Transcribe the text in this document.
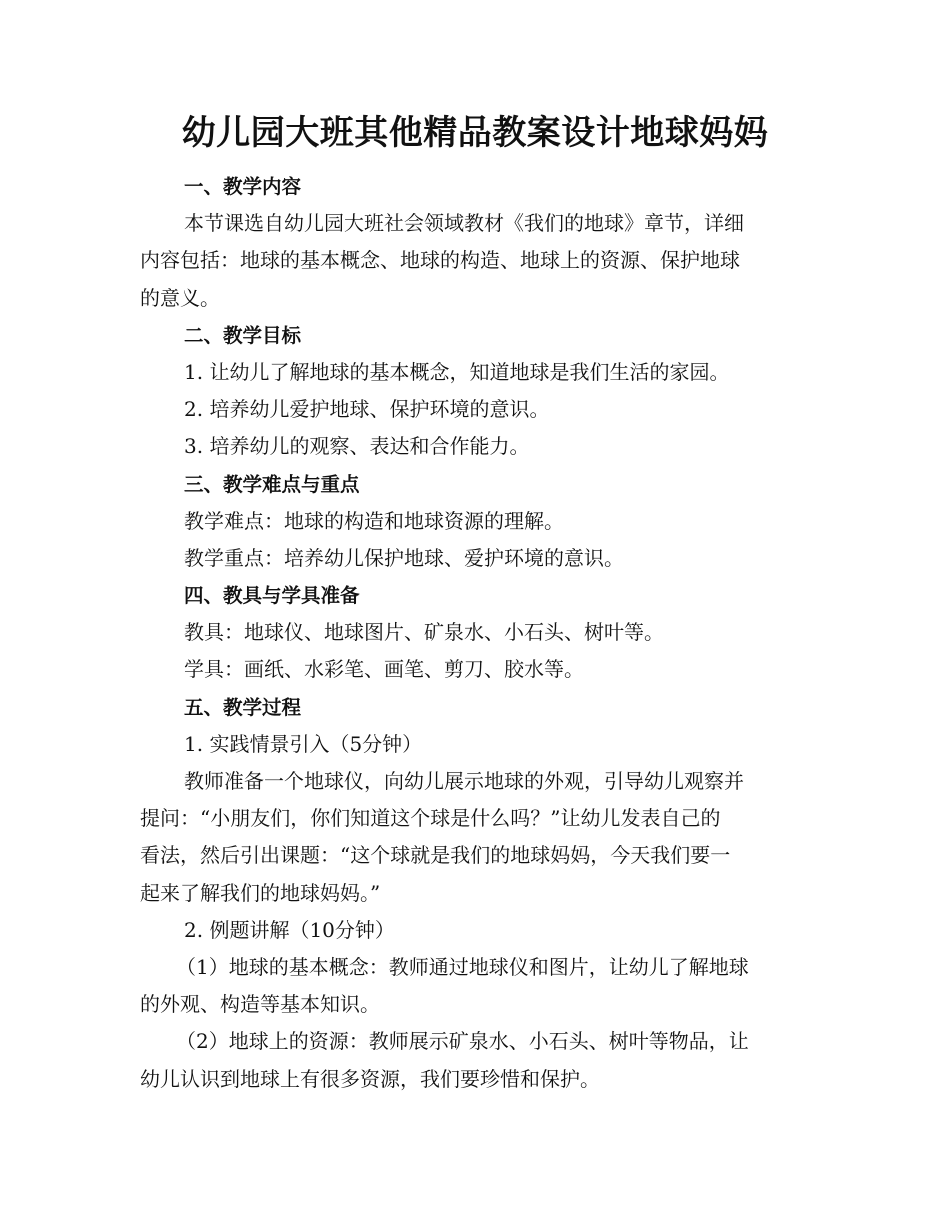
幼儿园大班其他精品教案设计地球妈妈
一、教学内容
本节课选自幼儿园大班社会领域教材《我们的地球》章节，详细
内容包括：地球的基本概念、地球的构造、地球上的资源、保护地球
的意义。
二、教学目标
1. 让幼儿了解地球的基本概念，知道地球是我们生活的家园。
2. 培养幼儿爱护地球、保护环境的意识。
3. 培养幼儿的观察、表达和合作能力。
三、教学难点与重点
教学难点：地球的构造和地球资源的理解。
教学重点：培养幼儿保护地球、爱护环境的意识。
四、教具与学具准备
教具：地球仪、地球图片、矿泉水、小石头、树叶等。
学具：画纸、水彩笔、画笔、剪刀、胶水等。
五、教学过程
1. 实践情景引入（5分钟）
教师准备一个地球仪，向幼儿展示地球的外观，引导幼儿观察并
提问：“小朋友们，你们知道这个球是什么吗？”让幼儿发表自己的
看法，然后引出课题：“这个球就是我们的地球妈妈，今天我们要一
起来了解我们的地球妈妈。”
2. 例题讲解（10分钟）
（1）地球的基本概念：教师通过地球仪和图片，让幼儿了解地球
的外观、构造等基本知识。
（2）地球上的资源：教师展示矿泉水、小石头、树叶等物品，让
幼儿认识到地球上有很多资源，我们要珍惜和保护。
